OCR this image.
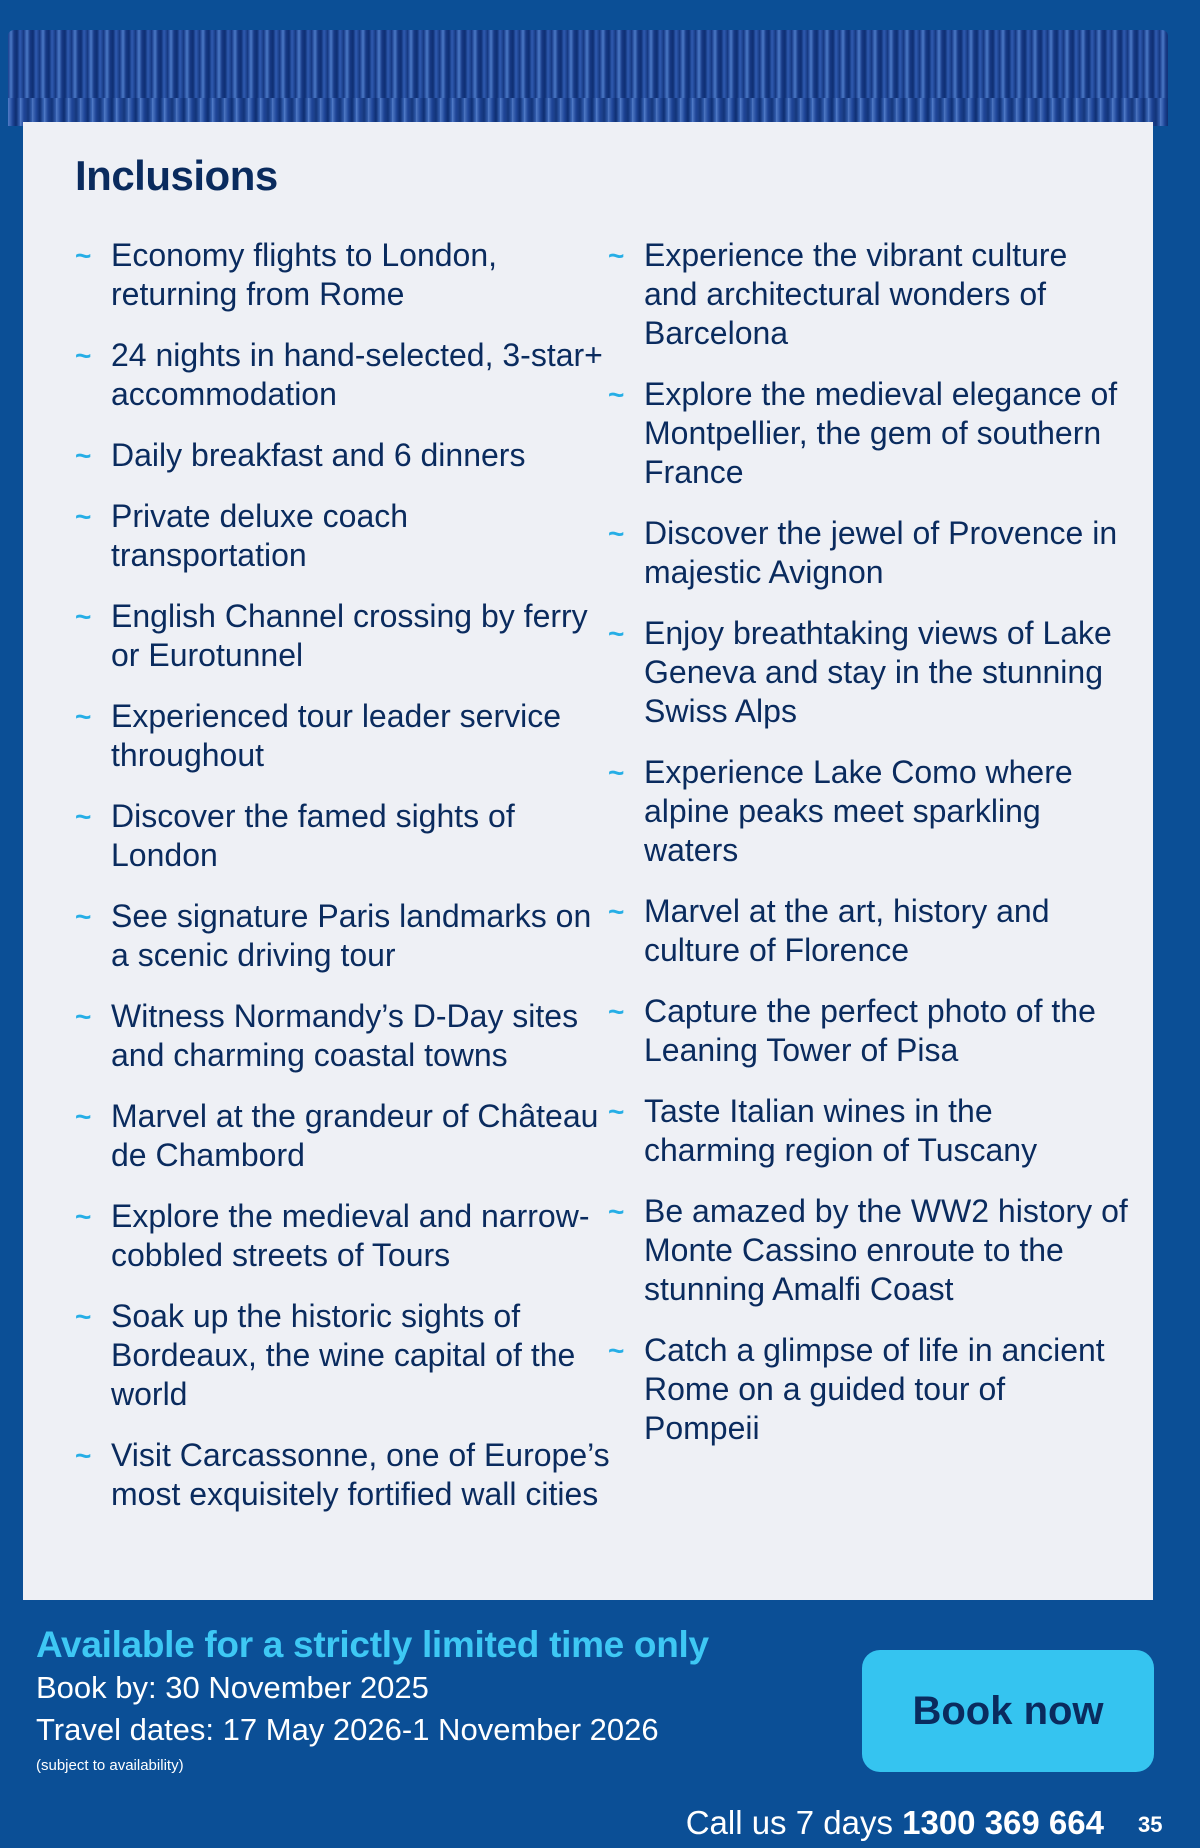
Inclusions
~ Economy flights to London, returning from Rome
~ 24 nights in hand-selected, 3-star+ accommodation
~ Daily breakfast and 6 dinners
~ Private deluxe coach transportation
~ English Channel crossing by ferry or Eurotunnel
~ Experienced tour leader service throughout
~ Discover the famed sights of London
~ See signature Paris landmarks on a scenic driving tour
~ Witness Normandy’s D-Day sites and charming coastal towns
~ Marvel at the grandeur of Château de Chambord
~ Explore the medieval and narrow-cobbled streets of Tours
~ Soak up the historic sights of Bordeaux, the wine capital of the world
~ Visit Carcassonne, one of Europe’s most exquisitely fortified wall cities
~ Experience the vibrant culture and architectural wonders of Barcelona
~ Explore the medieval elegance of Montpellier, the gem of southern France
~ Discover the jewel of Provence in majestic Avignon
~ Enjoy breathtaking views of Lake Geneva and stay in the stunning Swiss Alps
~ Experience Lake Como where alpine peaks meet sparkling waters
~ Marvel at the art, history and culture of Florence
~ Capture the perfect photo of the Leaning Tower of Pisa
~ Taste Italian wines in the charming region of Tuscany
~ Be amazed by the WW2 history of Monte Cassino enroute to the stunning Amalfi Coast
~ Catch a glimpse of life in ancient Rome on a guided tour of Pompeii

Available for a strictly limited time only

Book by: 30 November 2025

Travel dates: 17 May 2026-1 November 2026

(subject to availability)

Book now

Call us 7 days 1300 369 664 35
